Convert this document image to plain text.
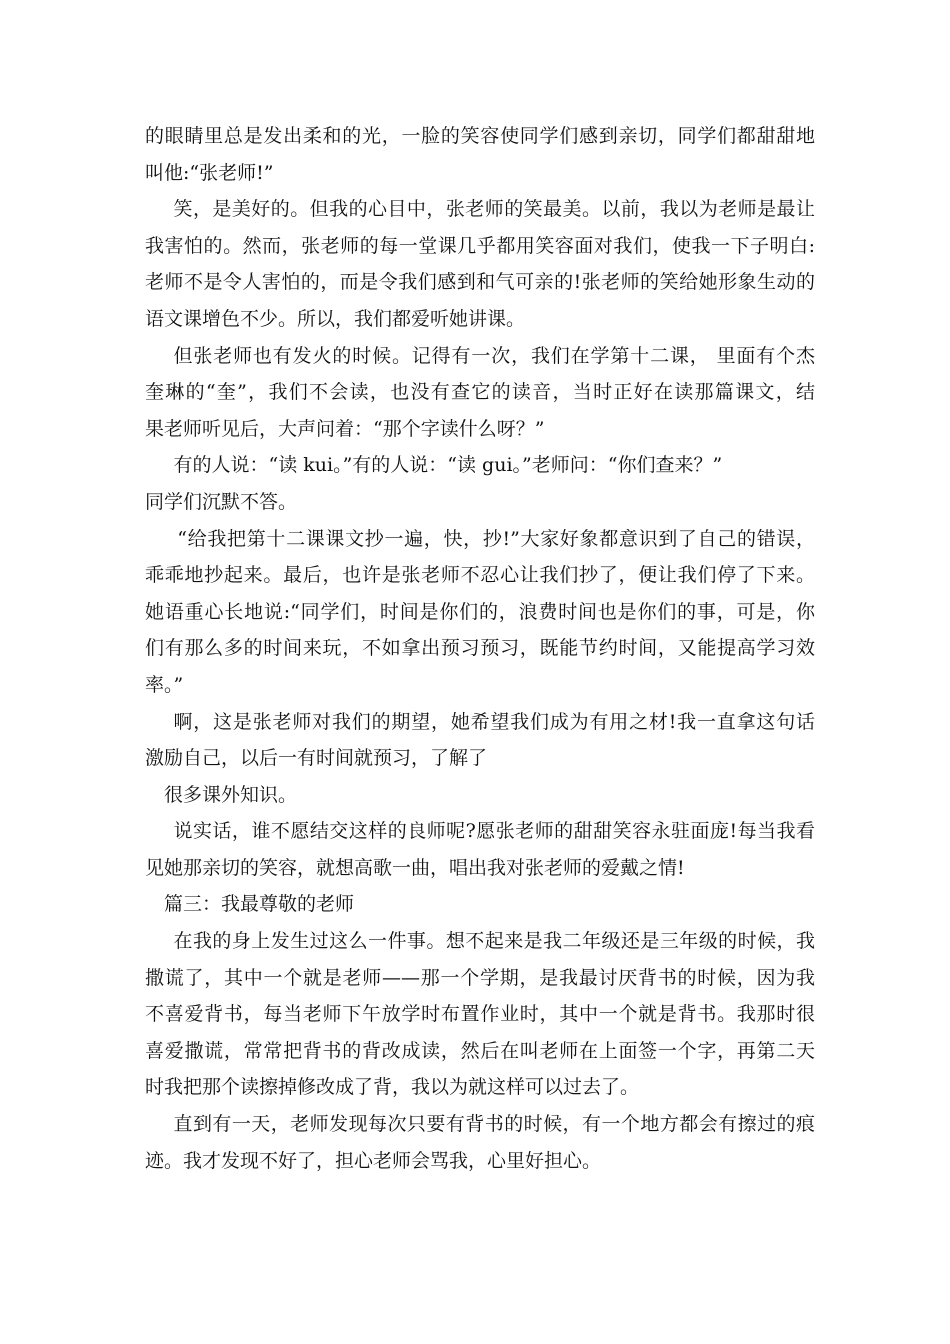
的眼睛里总是发出柔和的光，一脸的笑容使同学们感到亲切，同学们都甜甜地
叫他:“张老师!”
笑，是美好的。但我的心目中，张老师的笑最美。以前，我以为老师是最让
我害怕的。然而，张老师的每一堂课几乎都用笑容面对我们，使我一下子明白:
老师不是令人害怕的，而是令我们感到和气可亲的!张老师的笑给她形象生动的
语文课增色不少。所以，我们都爱听她讲课。
但张老师也有发火的时候。记得有一次，我们在学第十二课， 里面有个杰
奎琳的“奎”，我们不会读，也没有查它的读音，当时正好在读那篇课文，结
果老师听见后，大声问着：“那个字读什么呀？”
有的人说：“读 kui。”有的人说：“读 gui。”老师问：“你们查来？”
同学们沉默不答。
“给我把第十二课课文抄一遍，快，抄!”大家好象都意识到了自己的错误，
乖乖地抄起来。最后，也许是张老师不忍心让我们抄了，便让我们停了下来。
她语重心长地说:“同学们，时间是你们的，浪费时间也是你们的事，可是，你
们有那么多的时间来玩，不如拿出预习预习，既能节约时间，又能提高学习效
率。”
啊，这是张老师对我们的期望，她希望我们成为有用之材!我一直拿这句话
激励自己，以后一有时间就预习，了解了
很多课外知识。
说实话，谁不愿结交这样的良师呢?愿张老师的甜甜笑容永驻面庞!每当我看
见她那亲切的笑容，就想高歌一曲，唱出我对张老师的爱戴之情!
篇三：我最尊敬的老师
在我的身上发生过这么一件事。想不起来是我二年级还是三年级的时候，我
撒谎了，其中一个就是老师——那一个学期，是我最讨厌背书的时候，因为我
不喜爱背书，每当老师下午放学时布置作业时，其中一个就是背书。我那时很
喜爱撒谎，常常把背书的背改成读，然后在叫老师在上面签一个字，再第二天
时我把那个读擦掉修改成了背，我以为就这样可以过去了。
直到有一天，老师发现每次只要有背书的时候，有一个地方都会有擦过的痕
迹。我才发现不好了，担心老师会骂我，心里好担心。
